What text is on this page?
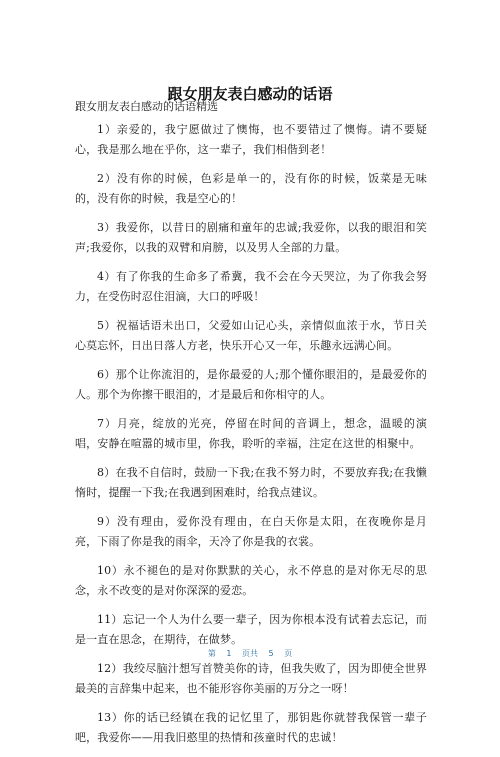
跟女朋友表白感动的话语
跟女朋友表白感动的话语精选
1）亲爱的，我宁愿做过了懊悔，也不要错过了懊悔。请不要疑心，我是那么地在乎你，这一辈子，我们相偕到老！
2）没有你的时候，色彩是单一的，没有你的时候，饭菜是无味的，没有你的时候，我是空心的！
3）我爱你，以昔日的剧痛和童年的忠诚;我爱你，以我的眼泪和笑声;我爱你，以我的双臂和肩膀，以及男人全部的力量。
4）有了你我的生命多了希冀，我不会在今天哭泣，为了你我会努力，在受伤时忍住泪滴，大口的呼吸！
5）祝福话语未出口，父爱如山记心头，亲情似血浓于水，节日关心莫忘怀，日出日落人方老，快乐开心又一年，乐趣永远满心间。
6）那个让你流泪的，是你最爱的人;那个懂你眼泪的，是最爱你的人。那个为你擦干眼泪的，才是最后和你相守的人。
7）月亮，绽放的光亮，停留在时间的音调上，想念，温暖的演唱，安静在喧嚣的城市里，你我，聆听的幸福，注定在这世的相聚中。
8）在我不自信时，鼓励一下我;在我不努力时，不要放弃我;在我懒惰时，提醒一下我;在我遇到困难时，给我点建议。
9）没有理由，爱你没有理由，在白天你是太阳，在夜晚你是月亮，下雨了你是我的雨伞，天冷了你是我的衣裳。
10）永不褪色的是对你默默的关心，永不停息的是对你无尽的思念，永不改变的是对你深深的爱恋。
11）忘记一个人为什么要一辈子，因为你根本没有试着去忘记，而是一直在思念，在期待，在做梦。
12）我绞尽脑汁想写首赞美你的诗，但我失败了，因为即使全世界最美的言辞集中起来，也不能形容你美丽的万分之一呀！
13）你的话已经镇在我的记忆里了，那钥匙你就替我保管一辈子吧，我爱你——用我旧憨里的热情和孩童时代的忠诚！
第 1 页共 5 页
